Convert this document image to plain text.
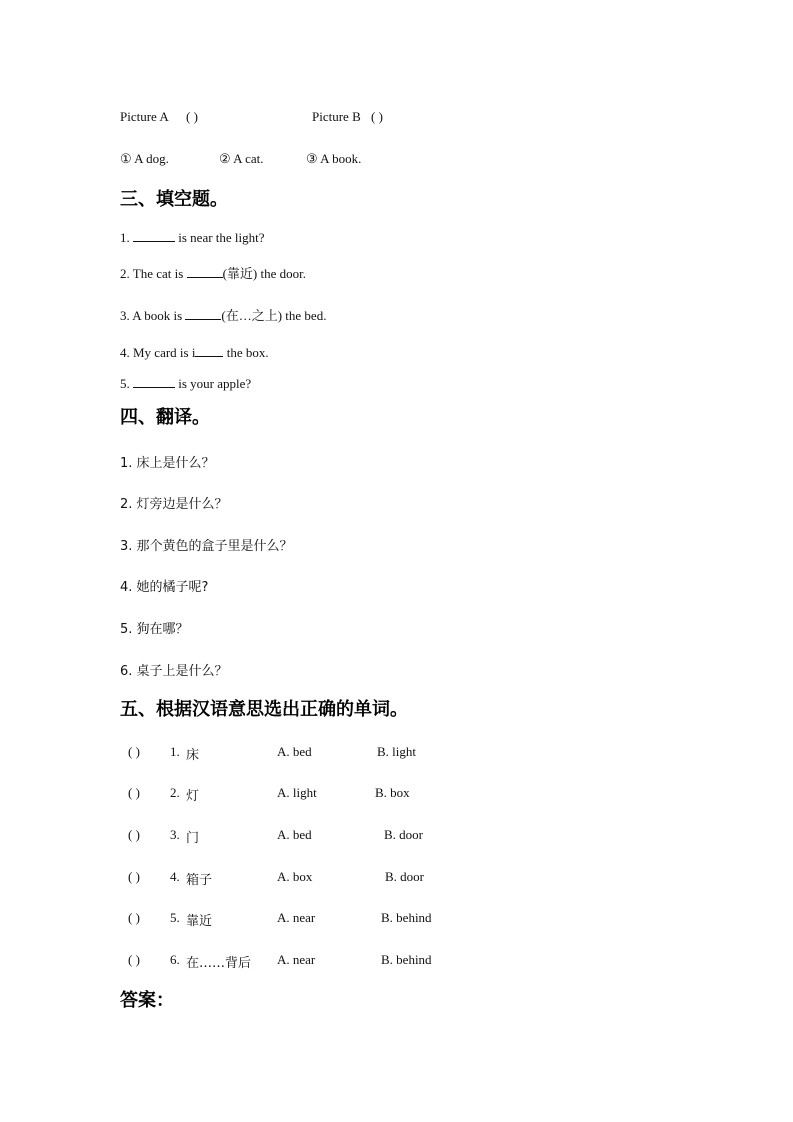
Picture A ( )	Picture B ( )
① A dog.	② A cat.	③ A book.
三、填空题。
1.	is near the light?
2. The cat is	(靠近) the door.
3. A book is	(在…之上) the bed.
4. My card is i the box.
5.	is your apple?
四、翻译。
1. 床上是什么？
2. 灯旁边是什么？
3. 那个黄色的盒子里是什么？
4. 她的橘子呢?
5. 狗在哪？
6. 桌子上是什么？
五、根据汉语意思选出正确的单词。
( ) 1. 床	A. bed	B. light
( ) 2. 灯	A. light	B. box
( ) 3. 门	A. bed	B. door
( ) 4. 箱子	A. box	B. door
( ) 5. 靠近	A. near	B. behind
( ) 6. 在……背后 A. near	B. behind
答案：
